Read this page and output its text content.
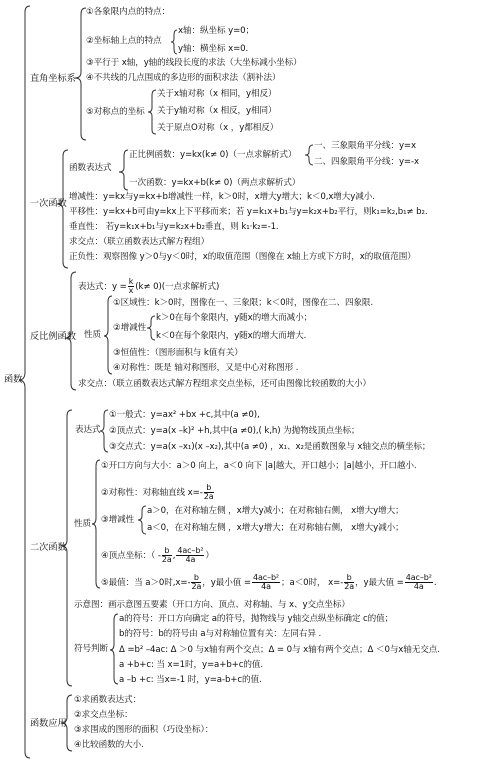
函数
直角坐标系
①各象限内点的特点：
②坐标轴上点的特点
x轴：纵坐标 y=0；
y轴：横坐标 x=0.
③平行于 x轴，y轴的线段长度的求法（大坐标减小坐标）
④不共线的几点围成的多边形的面积求法（割补法）
⑤对称点的坐标
关于x轴对称（x 相同，y相反）
关于y轴对称（x 相反，y相同）
关于原点O对称（x ，y都相反）
一次函数
函数表达式
正比例函数：y=kx(k≠ 0)（一点求解析式）
一、三象限角平分线：y=x
二、四象限角平分线：y=-x
一次函数：y=kx+b(k≠ 0)（两点求解析式）
增减性：y=kx与y=kx+b增减性一样，k＞0时，x增大y增大；k＜0,x增大y减小.
平移性：y=kx+b可由y=kx上下平移而来；若 y=k₁x+b₁与y=k₂x+b₂平行，则k₁=k₂,b₁≠ b₂.
垂直性： 若y=k₁x+b₁与y=k₂x+b₂垂直，则 k₁·k₂=-1.
求交点：（联立函数表达式解方程组）
正负性：观察图像 y＞0与y＜0时，x的取值范围（图像在 x轴上方或下方时，x的取值范围）
反比例函数
表达式：$y = \frac{k}{x} (k\ne 0)$(一点求解析式)
性质
①区域性：k＞0时，图像在一、三象限；k＜0时，图像在二、四象限.
②增减性
k＞0在每个象限内，y随x的增大而减小；
k＜0在每个象限内，y随x的增大而增大.
③恒值性：（图形面积与 k值有关）
④对称性：既是 轴对称图形，又是中心对称图形 .
求交点：（联立函数表达式解方程组求交点坐标，还可由图像比较函数的大小）
二次函数
表达式
①一般式：y=ax² +bx +c,其中(a ≠0),
②顶点式：y=a(x –k)² +h,其中(a ≠0),( k,h) 为抛物线顶点坐标；
③交点式：y=a(x –x₁)(x –x₂),其中(a ≠0) ，x₁、x₂是函数图象与 x轴交点的横坐标；
性质
①开口方向与大小：a＞0 向上，a＜0 向下 |a|越大，开口越小；|a|越小，开口越小.
②对称性：对称轴直线 $x=- \frac{b}{2a}$
③增减性
a＞0，在对称轴左侧 ，x增大y减小；在对称轴右侧， x增大y增大；
a＜0，在对称轴左侧 ，x增大y增大；在对称轴右侧， x增大y减小；
④顶点坐标：（ - $\frac{b}{2a}$ , $\frac{\text{4ac–b²}}{4a}$ ）
⑤最值：当 a＞0时$,x=- \frac{b}{2a}$ ，y最小值 = $\frac{\text{4ac–b²}}{4a}$ ；a＜0时， $x=- \frac{b}{2a}$ ，y最大值 = $\frac{\text{4ac–b²}}{4a}$ .
示意图：画示意图五要素（开口方向、顶点、对称轴、与 x、y交点坐标）
符号判断
a的符号：开口方向确定 a的符号，抛物线与 y轴交点纵坐标确定 c的值；
b的符号：b的符号由 a与对称轴位置有关：左同右异 .
Δ =b² –4ac: Δ ＞0 与x轴有两个交点；Δ = 0与 x轴有两个交点；Δ ＜0与x轴无交点.
a +b+c: 当 x=1时，y=a+b+c的值.
a –b +c: 当x=-1 时，y=a-b+c的值.
函数应用
①求函数表达式：
②求交点坐标：
③求围成的图形的面积（巧设坐标）：
④比较函数的大小.
